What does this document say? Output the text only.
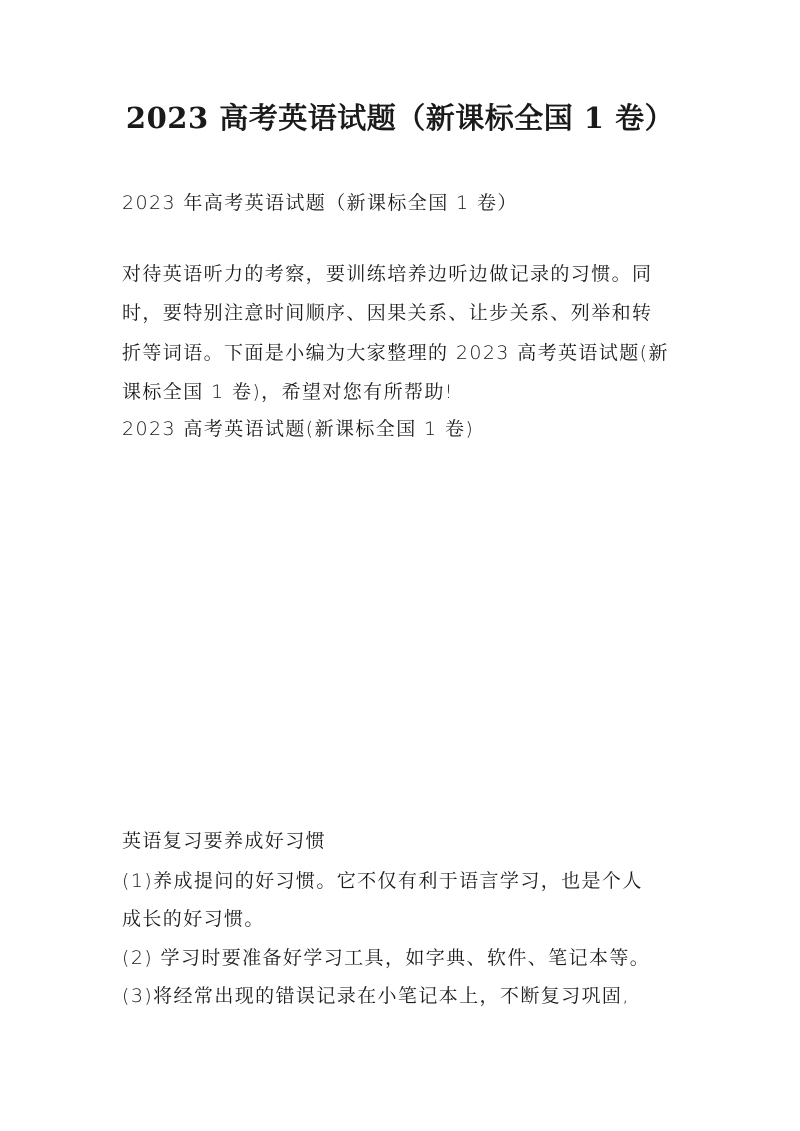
2023 高考英语试题（新课标全国 1 卷）
2023 年高考英语试题（新课标全国 1 卷）
对待英语听力的考察，要训练培养边听边做记录的习惯。同
时，要特别注意时间顺序、因果关系、让步关系、列举和转
折等词语。下面是小编为大家整理的 2023 高考英语试题(新
课标全国 1 卷)，希望对您有所帮助!
2023 高考英语试题(新课标全国 1 卷)
英语复习要养成好习惯
(1)养成提问的好习惯。它不仅有利于语言学习，也是个人
成长的好习惯。
(2) 学习时要准备好学习工具，如字典、软件、笔记本等。
(3)将经常出现的错误记录在小笔记本上，不断复习巩固,
